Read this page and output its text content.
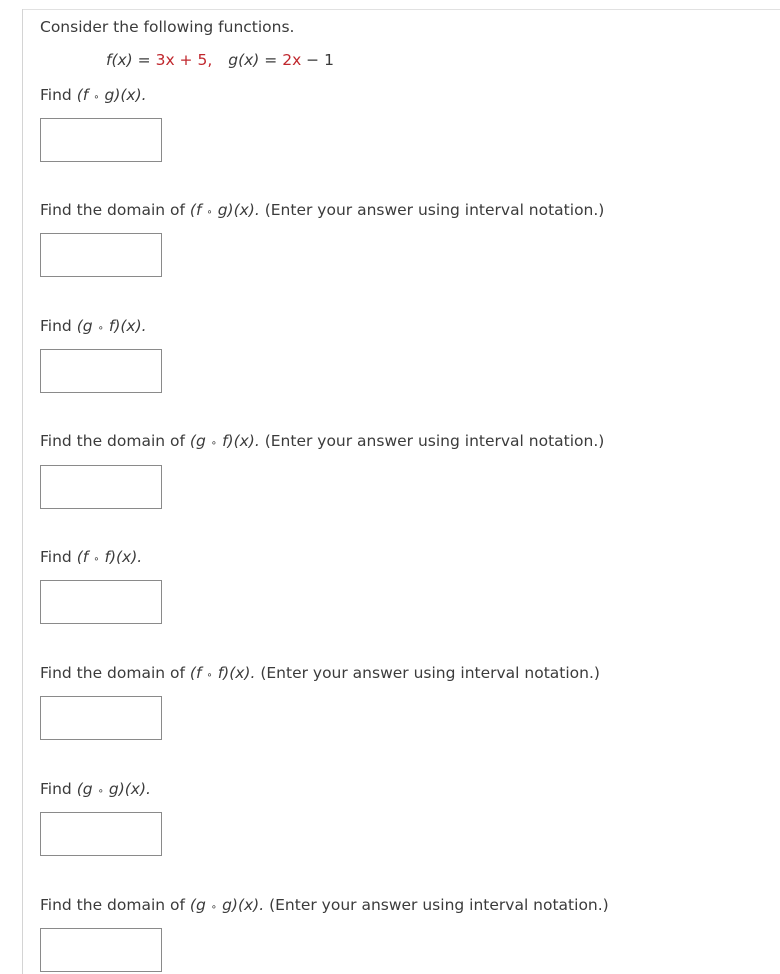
Consider the following functions.
f(x) = 3x + 5, g(x) = 2x − 1
Find (f ∘ g)(x).
Find the domain of (f ∘ g)(x). (Enter your answer using interval notation.)
Find (g ∘ f)(x).
Find the domain of (g ∘ f)(x). (Enter your answer using interval notation.)
Find (f ∘ f)(x).
Find the domain of (f ∘ f)(x). (Enter your answer using interval notation.)
Find (g ∘ g)(x).
Find the domain of (g ∘ g)(x). (Enter your answer using interval notation.)
